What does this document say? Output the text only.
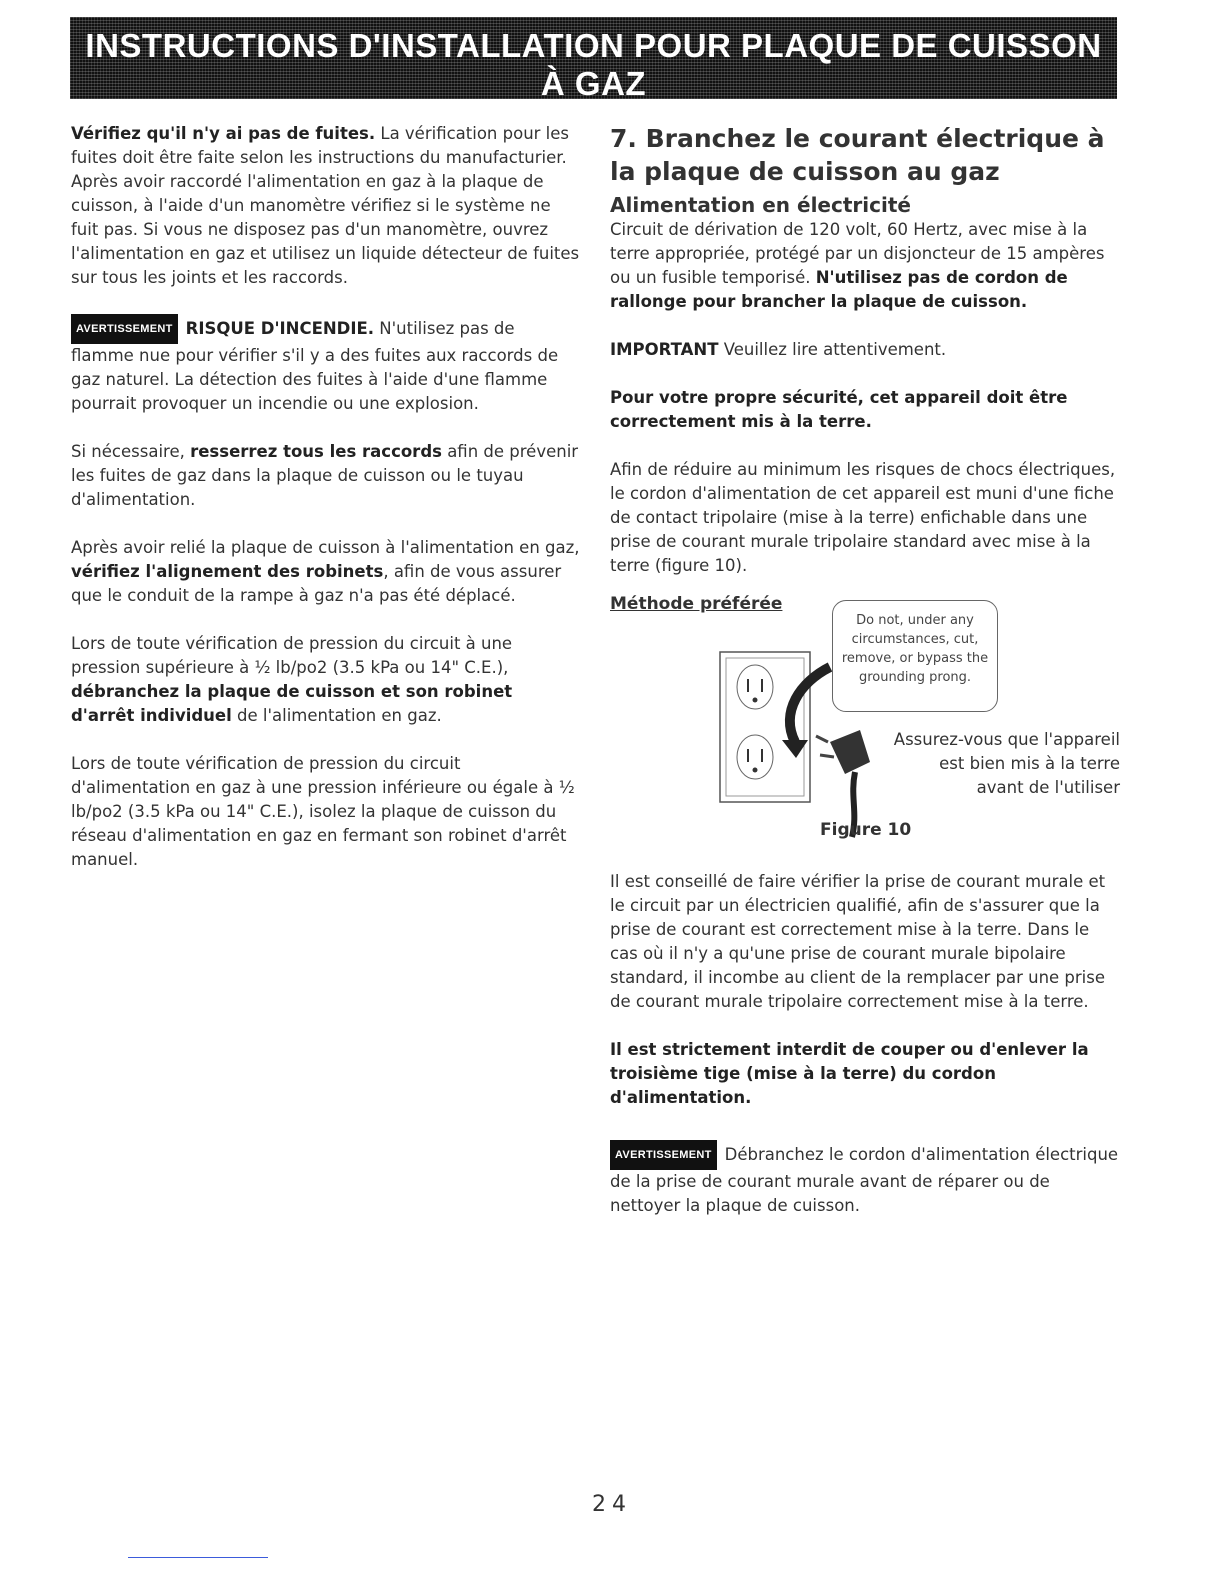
INSTRUCTIONS D'INSTALLATION POUR PLAQUE DE CUISSON À GAZ
(Modèle pouvant être combiné à un four encastré électrique installé sous le comptoir)

Vérifiez qu'il n'y ai pas de fuites. La vérification pour les fuites doit être faite selon les instructions du manufacturier. Après avoir raccordé l'alimentation en gaz à la plaque de cuisson, à l'aide d'un manomètre vérifiez si le système ne fuit pas. Si vous ne disposez pas d'un manomètre, ouvrez l'alimentation en gaz et utilisez un liquide détecteur de fuites sur tous les joints et les raccords.

AVERTISSEMENT RISQUE D'INCENDIE. N'utilisez pas de flamme nue pour vérifier s'il y a des fuites aux raccords de gaz naturel. La détection des fuites à l'aide d'une flamme pourrait provoquer un incendie ou une explosion.

Si nécessaire, resserrez tous les raccords afin de prévenir les fuites de gaz dans la plaque de cuisson ou le tuyau d'alimentation.

Après avoir relié la plaque de cuisson à l'alimentation en gaz, vérifiez l'alignement des robinets, afin de vous assurer que le conduit de la rampe à gaz n'a pas été déplacé.

Lors de toute vérification de pression du circuit à une pression supérieure à ½ lb/po2 (3.5 kPa ou 14" C.E.), débranchez la plaque de cuisson et son robinet d'arrêt individuel de l'alimentation en gaz.

Lors de toute vérification de pression du circuit d'alimentation en gaz à une pression inférieure ou égale à ½ lb/po2 (3.5 kPa ou 14" C.E.), isolez la plaque de cuisson du réseau d'alimentation en gaz en fermant son robinet d'arrêt manuel.

7. Branchez le courant électrique à la plaque de cuisson au gaz
Alimentation en électricité

Circuit de dérivation de 120 volt, 60 Hertz, avec mise à la terre appropriée, protégé par un disjoncteur de 15 ampères ou un fusible temporisé. N'utilisez pas de cordon de rallonge pour brancher la plaque de cuisson.

IMPORTANT Veuillez lire attentivement.

Pour votre propre sécurité, cet appareil doit être correctement mis à la terre.

Afin de réduire au minimum les risques de chocs électriques, le cordon d'alimentation de cet appareil est muni d'une fiche de contact tripolaire (mise à la terre) enfichable dans une prise de courant murale tripolaire standard avec mise à la terre (figure 10).

Méthode préférée
Do not, under any circumstances, cut, remove, or bypass the grounding prong.
Assurez-vous que l'appareil est bien mis à la terre avant de l'utiliser
Figure 10

Il est conseillé de faire vérifier la prise de courant murale et le circuit par un électricien qualifié, afin de s'assurer que la prise de courant est correctement mise à la terre. Dans le cas où il n'y a qu'une prise de courant murale bipolaire standard, il incombe au client de la remplacer par une prise de courant murale tripolaire correctement mise à la terre.

Il est strictement interdit de couper ou d'enlever la troisième tige (mise à la terre) du cordon d'alimentation.

AVERTISSEMENT Débranchez le cordon d'alimentation électrique de la prise de courant murale avant de réparer ou de nettoyer la plaque de cuisson.

24
